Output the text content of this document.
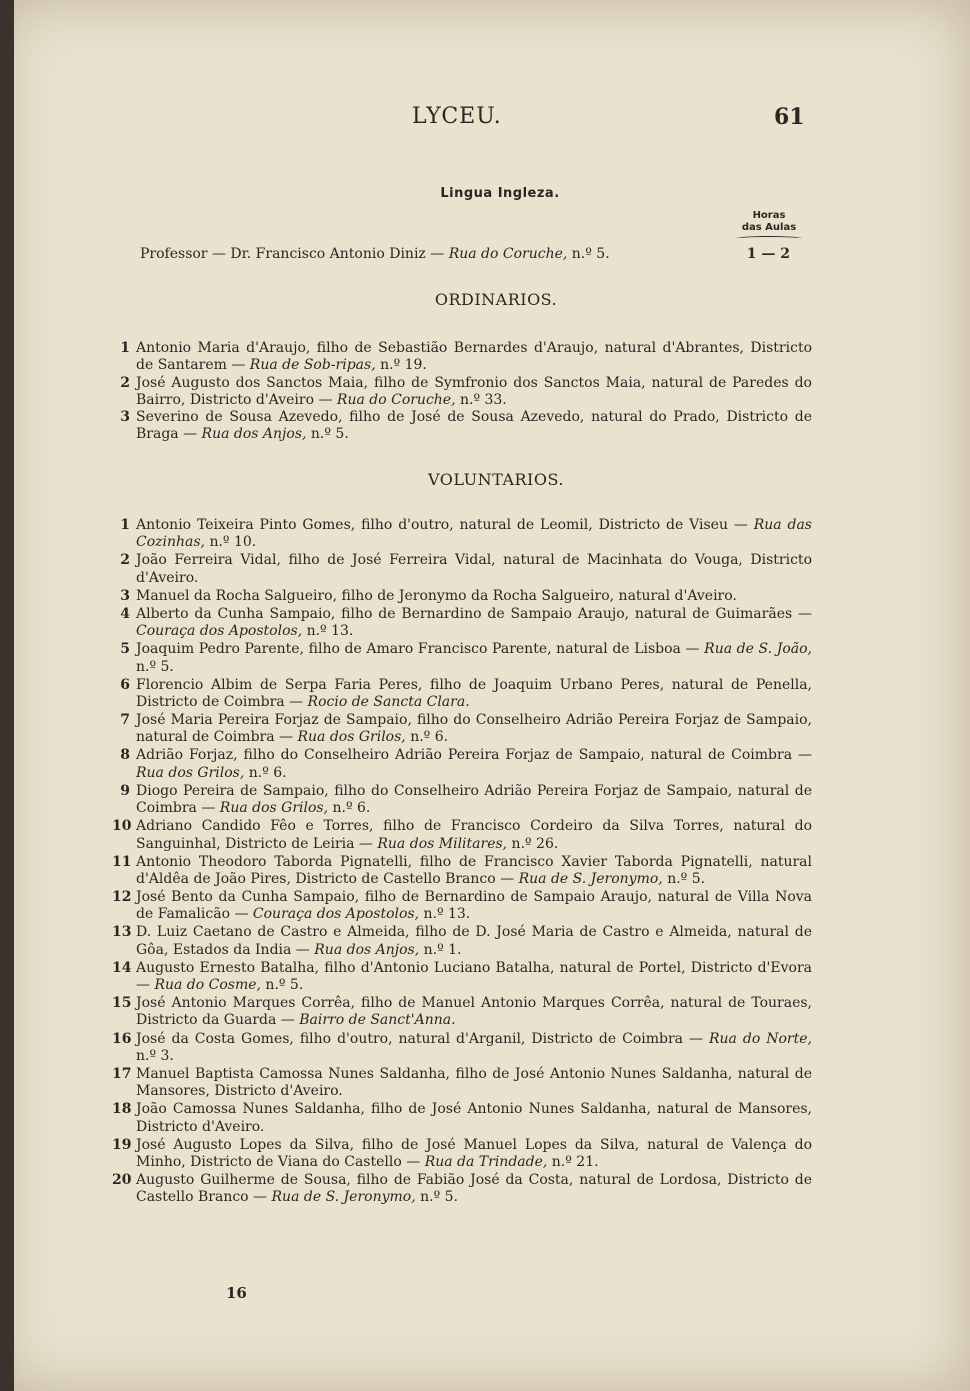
LYCEU.	61
Lingua Ingleza.
Horas
das Aulas
Professor — Dr. Francisco Antonio Diniz — Rua do Coruche, n.º 5.	1 — 2
ORDINARIOS.
1 Antonio Maria d'Araujo, filho de Sebastião Bernardes d'Araujo, natural d'Abrantes, Districto de Santarem — Rua de Sob-ripas, n.º 19.
2 José Augusto dos Sanctos Maia, filho de Symfronio dos Sanctos Maia, natural de Paredes do Bairro, Districto d'Aveiro — Rua do Coruche, n.º 33.
3 Severino de Sousa Azevedo, filho de José de Sousa Azevedo, natural do Prado, Districto de Braga — Rua dos Anjos, n.º 5.
VOLUNTARIOS.
1 Antonio Teixeira Pinto Gomes, filho d'outro, natural de Leomil, Districto de Viseu — Rua das Cozinhas, n.º 10.
2 João Ferreira Vidal, filho de José Ferreira Vidal, natural de Macinhata do Vouga, Districto d'Aveiro.
3 Manuel da Rocha Salgueiro, filho de Jeronymo da Rocha Salgueiro, natural d'Aveiro.
4 Alberto da Cunha Sampaio, filho de Bernardino de Sampaio Araujo, natural de Guimarães — Couraça dos Apostolos, n.º 13.
5 Joaquim Pedro Parente, filho de Amaro Francisco Parente, natural de Lisboa — Rua de S. João, n.º 5.
6 Florencio Albim de Serpa Faria Peres, filho de Joaquim Urbano Peres, natural de Penella, Districto de Coimbra — Rocio de Sancta Clara.
7 José Maria Pereira Forjaz de Sampaio, filho do Conselheiro Adrião Pereira Forjaz de Sampaio, natural de Coimbra — Rua dos Grilos, n.º 6.
8 Adrião Forjaz, filho do Conselheiro Adrião Pereira Forjaz de Sampaio, natural de Coimbra — Rua dos Grilos, n.º 6.
9 Diogo Pereira de Sampaio, filho do Conselheiro Adrião Pereira Forjaz de Sampaio, natural de Coimbra — Rua dos Grilos, n.º 6.
10 Adriano Candido Fêo e Torres, filho de Francisco Cordeiro da Silva Torres, natural do Sanguinhal, Districto de Leiria — Rua dos Militares, n.º 26.
11 Antonio Theodoro Taborda Pignatelli, filho de Francisco Xavier Taborda Pignatelli, natural d'Aldêa de João Pires, Districto de Castello Branco — Rua de S. Jeronymo, n.º 5.
12 José Bento da Cunha Sampaio, filho de Bernardino de Sampaio Araujo, natural de Villa Nova de Famalicão — Couraça dos Apostolos, n.º 13.
13 D. Luiz Caetano de Castro e Almeida, filho de D. José Maria de Castro e Almeida, natural de Gôa, Estados da India — Rua dos Anjos, n.º 1.
14 Augusto Ernesto Batalha, filho d'Antonio Luciano Batalha, natural de Portel, Districto d'Evora — Rua do Cosme, n.º 5.
15 José Antonio Marques Corrêa, filho de Manuel Antonio Marques Corrêa, natural de Touraes, Districto da Guarda — Bairro de Sanct'Anna.
16 José da Costa Gomes, filho d'outro, natural d'Arganil, Districto de Coimbra — Rua do Norte, n.º 3.
17 Manuel Baptista Camossa Nunes Saldanha, filho de José Antonio Nunes Saldanha, natural de Mansores, Districto d'Aveiro.
18 João Camossa Nunes Saldanha, filho de José Antonio Nunes Saldanha, natural de Mansores, Districto d'Aveiro.
19 José Augusto Lopes da Silva, filho de José Manuel Lopes da Silva, natural de Valença do Minho, Districto de Viana do Castello — Rua da Trindade, n.º 21.
20 Augusto Guilherme de Sousa, filho de Fabião José da Costa, natural de Lordosa, Districto de Castello Branco — Rua de S. Jeronymo, n.º 5.
16
